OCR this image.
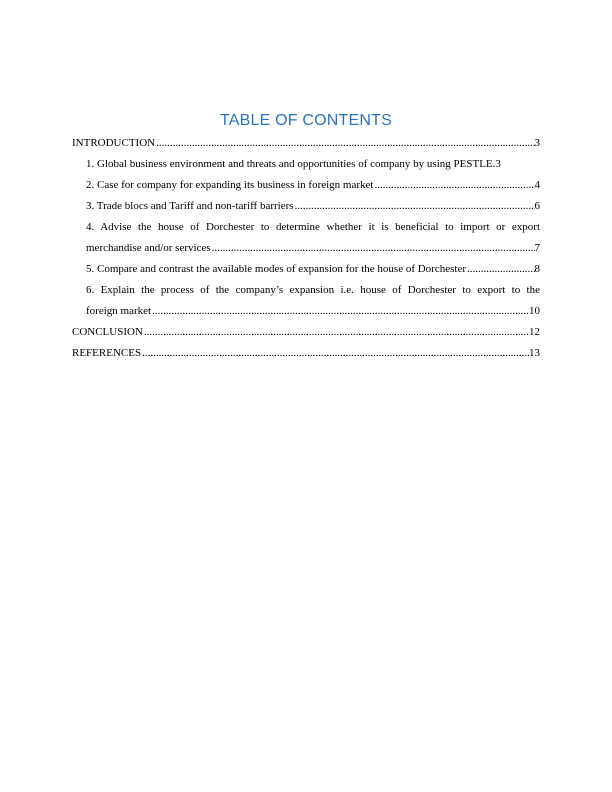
TABLE OF CONTENTS
INTRODUCTION .....	3
1. Global business environment and threats and opportunities of company by using PESTLE. 3
2. Case for company for expanding its business in foreign market .....	4
3. Trade blocs and Tariff and non-tariff barriers .....	6
4. Advise the house of Dorchester to determine whether it is beneficial to import or export
merchandise and/or services .....	7
5. Compare and contrast the available modes of expansion for the house of Dorchester .....	8
6. Explain the process of the company’s expansion i.e. house of Dorchester to export to the
foreign market .....	10
CONCLUSION .....	12
REFERENCES .....	13
